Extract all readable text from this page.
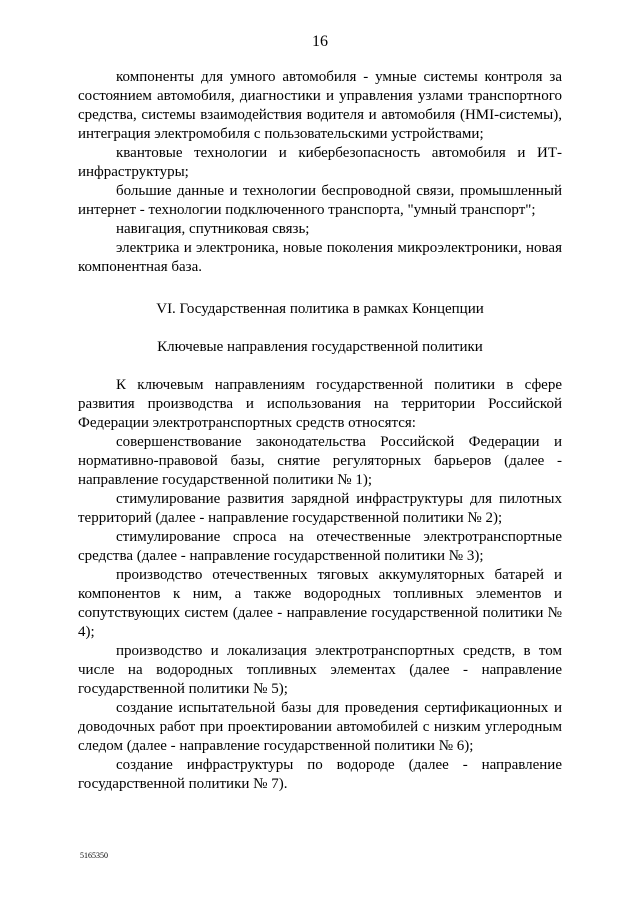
16

компоненты для умного автомобиля - умные системы контроля за состоянием автомобиля, диагностики и управления узлами транспортного средства, системы взаимодействия водителя и автомобиля (HMI-системы), интеграция электромобиля с пользовательскими устройствами;

квантовые технологии и кибербезопасность автомобиля и ИТ-инфраструктуры;

большие данные и технологии беспроводной связи, промышленный интернет - технологии подключенного транспорта, "умный транспорт";

навигация, спутниковая связь;

электрика и электроника, новые поколения микроэлектроники, новая компонентная база.

VI. Государственная политика в рамках Концепции

Ключевые направления государственной политики

К ключевым направлениям государственной политики в сфере развития производства и использования на территории Российской Федерации электротранспортных средств относятся:

совершенствование законодательства Российской Федерации и нормативно-правовой базы, снятие регуляторных барьеров (далее - направление государственной политики № 1);

стимулирование развития зарядной инфраструктуры для пилотных территорий (далее - направление государственной политики № 2);

стимулирование спроса на отечественные электротранспортные средства (далее - направление государственной политики № 3);

производство отечественных тяговых аккумуляторных батарей и компонентов к ним, а также водородных топливных элементов и сопутствующих систем (далее - направление государственной политики № 4);

производство и локализация электротранспортных средств, в том числе на водородных топливных элементах (далее - направление государственной политики № 5);

создание испытательной базы для проведения сертификационных и доводочных работ при проектировании автомобилей с низким углеродным следом (далее - направление государственной политики № 6);

создание инфраструктуры по водороде (далее - направление государственной политики № 7).

5165350
